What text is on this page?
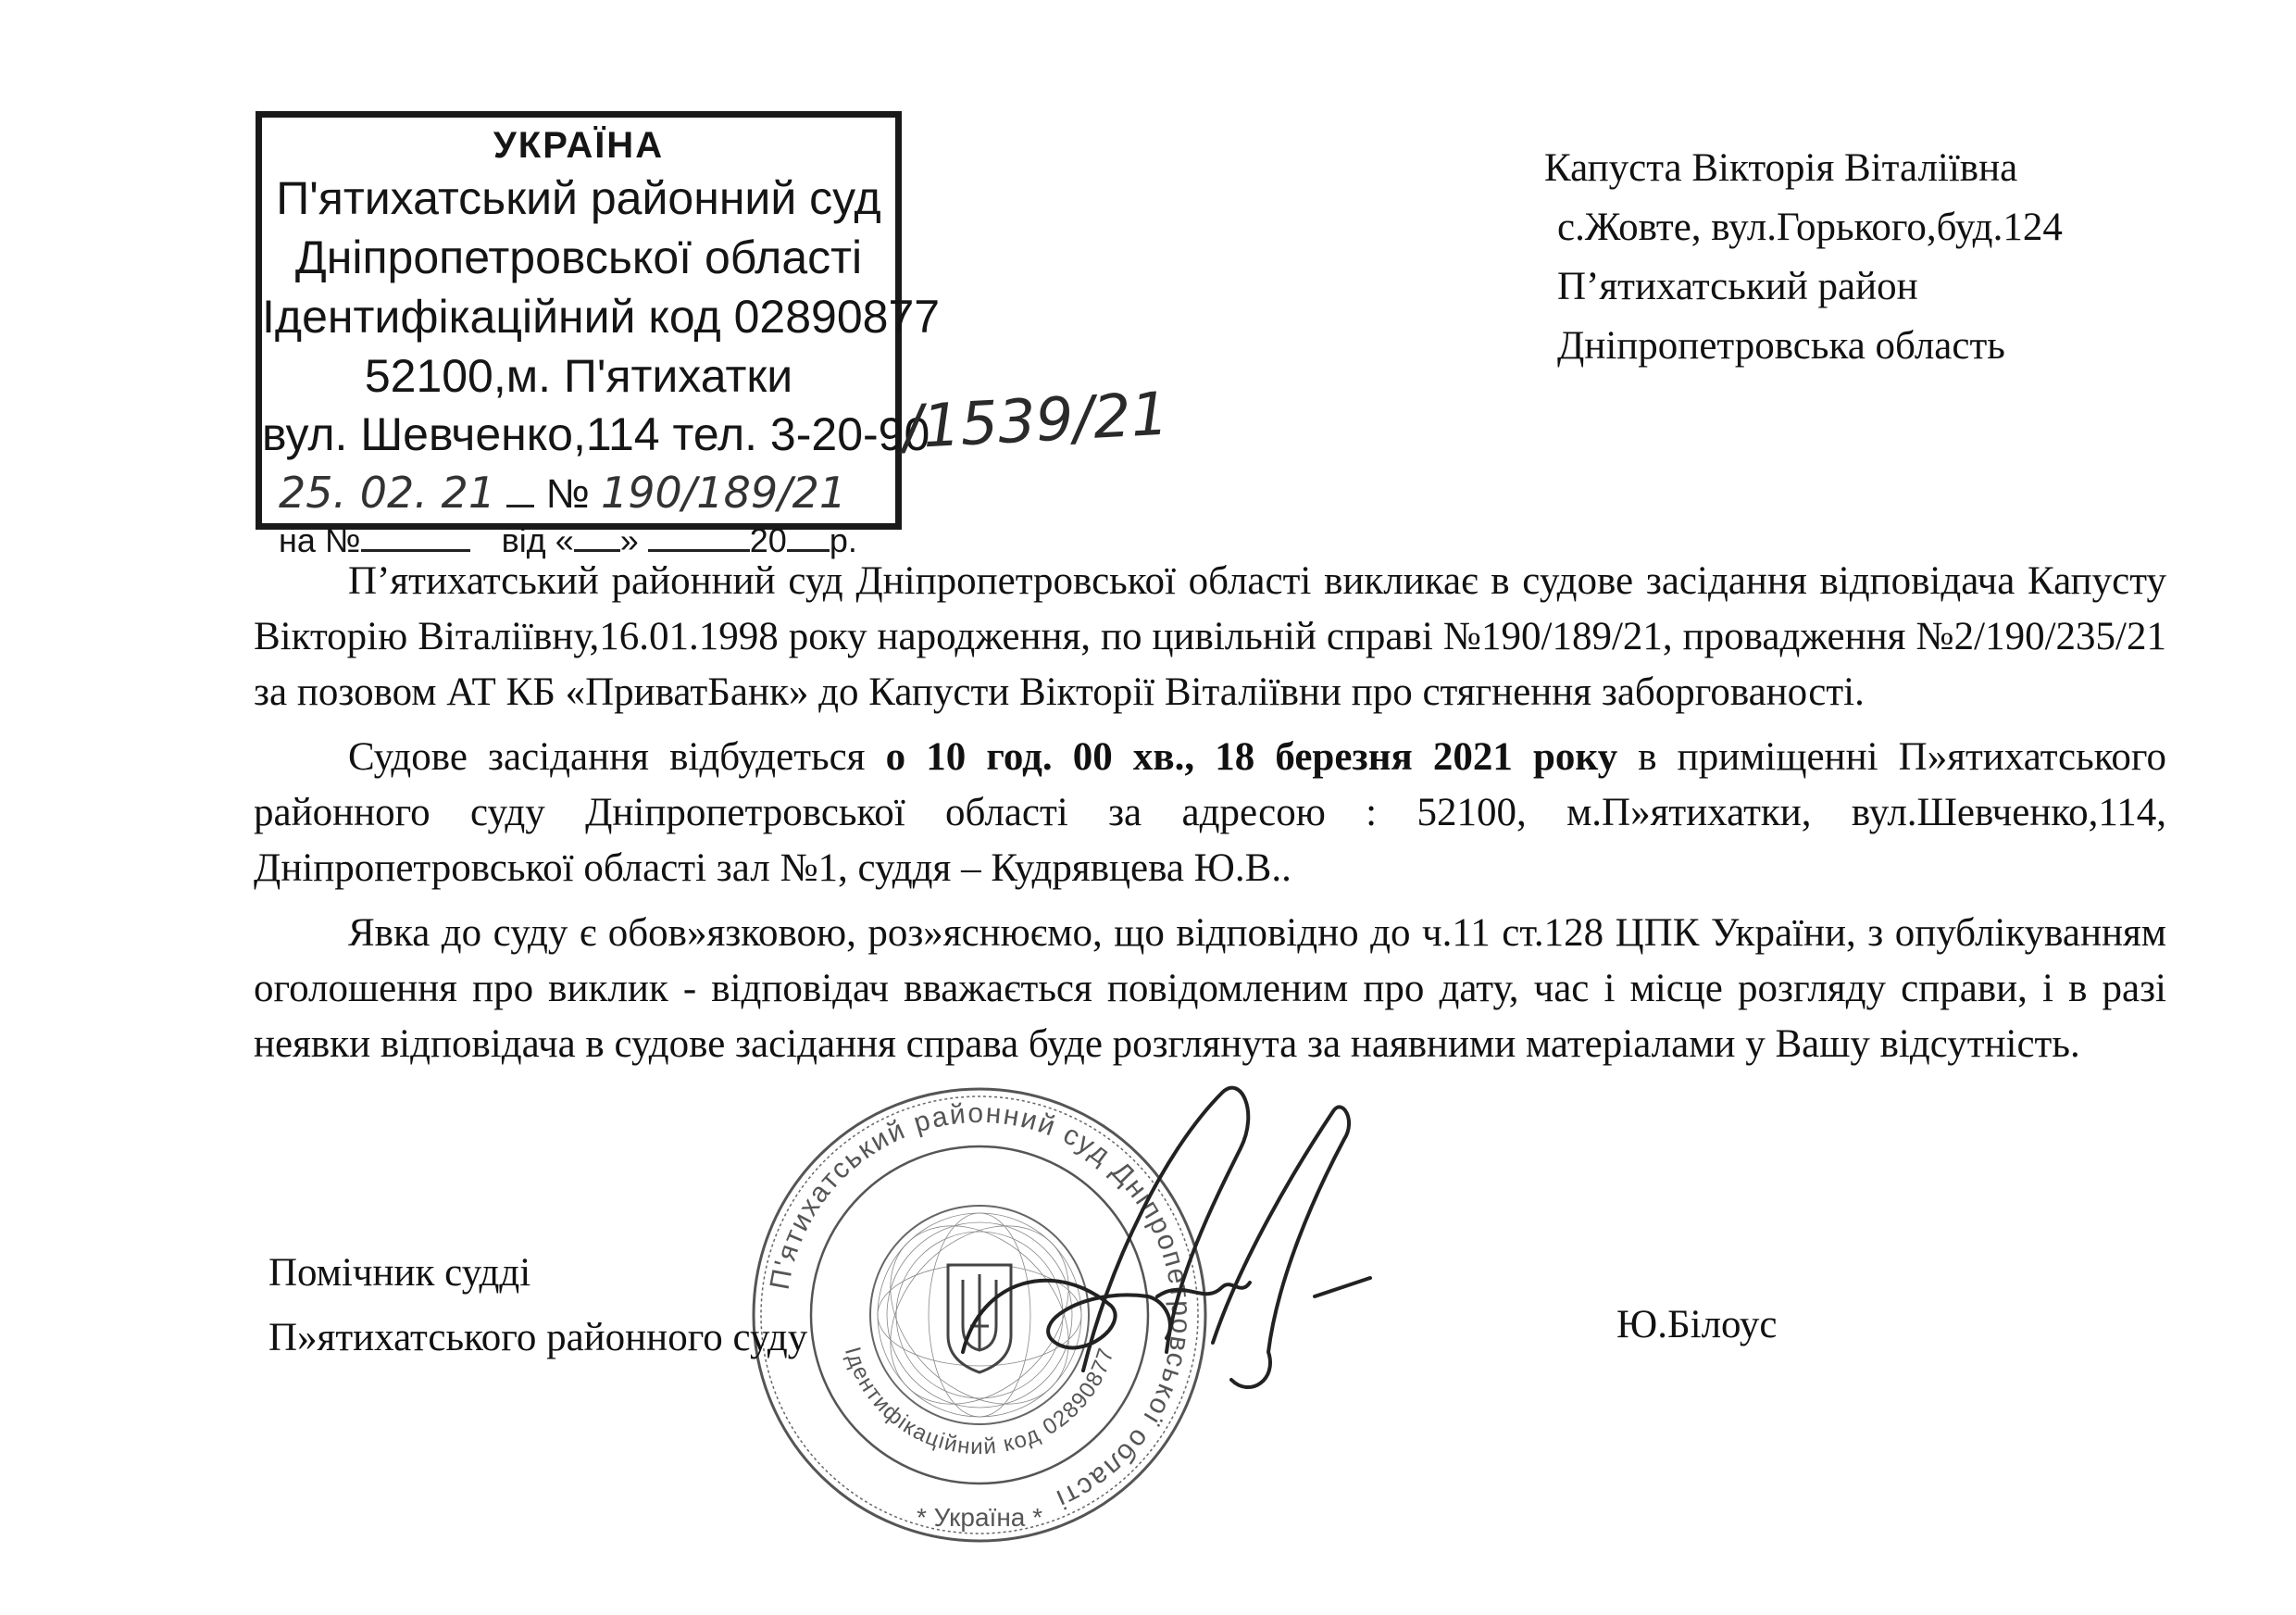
УКРАЇНА
П'ятихатський районний суд
Дніпропетровської області
Ідентифікаційний код 02890877
52100,м. П'ятихатки
вул. Шевченко,114 тел. 3-20-90
25. 02. 21 № 190/189/21
на №	від « »	20 р.
/1539/21
Капуста Вікторія Віталіївна
с.Жовте, вул.Горького,буд.124
П’ятихатський район
Дніпропетровська область

П’ятихатський районний суд Дніпропетровської області викликає в судове засідання відповідача Капусту Вікторію Віталіївну,16.01.1998 року народження, по цивільній справі №190/189/21, провадження №2/190/235/21 за позовом АТ КБ «ПриватБанк» до Капусти Вікторії Віталіївни про стягнення заборгованості.

Судове засідання відбудеться о 10 год. 00 хв., 18 березня 2021 року в приміщенні П»ятихатського районного суду Дніпропетровської області за адресою : 52100, м.П»ятихатки, вул.Шевченко,114, Дніпропетровської області зал №1, суддя – Кудрявцева Ю.В..

Явка до суду є обов»язковою, роз»яснюємо, що відповідно до ч.11 ст.128 ЦПК України, з опублікуванням оголошення про виклик - відповідач вважається повідомленим про дату, час і місце розгляду справи, і в разі неявки відповідача в судове засідання справа буде розглянута за наявними матеріалами у Вашу відсутність.

П'ятихатський районний суд Дніпропетровської області
Ідентифікаційний код 02890877
* Україна *
Помічник судді
П»ятихатського районного суду	Ю.Білоус
